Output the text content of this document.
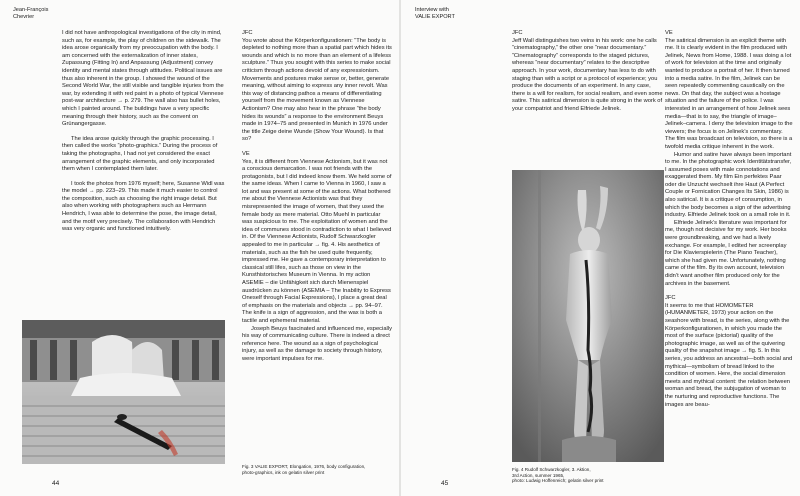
Jean-François
Chevrier

I did not have anthropological investigations of the city in mind, such as, for example, the play of children on the sidewalk. The idea arose organically from my preoccupation with the body. I am concerned with the externalization of inner states, Zupassung (Fitting In) and Anpassung (Adjustment) convey identity and mental states through attitudes. Political issues are thus also inherent in the group. I showed the wound of the Second World War, the still visible and tangible injuries from the war, by extending it with red paint in a photo of typical Viennese post-war architecture → p. 279. The wall also has bullet holes, which I painted around. The buildings have a very specific meaning through their history, such as the convent on Grünangergasse.

The idea arose quickly through the graphic processing. I then called the works “photo-graphics.” During the process of taking the photographs, I had not yet considered the exact arrangement of the graphic elements, and only incorporated them when I contemplated them later.

I took the photos from 1976 myself; here, Susanne Widl was the model → pp. 223–29. This made it much easier to control the composition, such as choosing the right image detail. But also when working with photographers such as Hermann Hendrich, I was able to determine the pose, the image detail, and the motif very precisely. The collaboration with Hendrich was very organic and functioned intuitively.

JFC

You wrote about the Körperkonfigurationen: “The body is depleted to nothing more than a spatial part which hides its wounds and which is no more than an element of a lifeless sculpture.” Thus you sought with this series to make social criticism through actions devoid of any expressionism. Movements and postures make sense or, better, generate meaning, without aiming to express any inner revolt. Was this way of distancing pathos a means of differentiating yourself from the movement known as Viennese Actionism? One may also hear in the phrase “the body hides its wounds” a response to the environment Beuys made in 1974–75 and presented in Munich in 1976 under the title Zeige deine Wunde (Show Your Wound). Is that so?

VE

Yes, it is different from Viennese Actionism, but it was not a conscious demarcation. I was not friends with the protagonists, but I did indeed know them. We held some of the same ideas. When I came to Vienna in 1960, I saw a lot and was present at some of the actions. What bothered me about the Viennese Actionists was that they misrepresented the image of women, that they used the female body as mere material. Otto Muehl in particular was suspicious to me. The exploitation of women and the idea of communes stood in contradiction to what I believed in. Of the Viennese Actionists, Rudolf Schwarzkogler appealed to me in particular → fig. 4. His aesthetics of materials, such as the fish he used quite frequently, impressed me. He gave a contemporary interpretation to classical still lifes, such as those on view in the Kunsthistorisches Museum in Vienna. In my action ASEMIE – die Unfähigkeit sich durch Mienenspiel ausdrücken zu können (ASEMIA – The Inability to Express Oneself through Facial Expressions), I place a great deal of emphasis on the materials and objects → pp. 94–97. The knife is a sign of aggression, and the wax is both a tactile and ephemeral material.

Joseph Beuys fascinated and influenced me, especially his way of communicating culture. There is indeed a direct reference here. The wound as a sign of psychological injury, as well as the damage to society through history, were important impulses for me.

Fig. 3 VALIE EXPORT, Elongation, 1976, body configuration,
photo-graphics, ink on gelatin silver print
44
Interview with
VALIE EXPORT
JFC

Jeff Wall distinguishes two veins in his work: one he calls “cinematography,” the other one “near documentary.” “Cinematography” corresponds to the staged pictures, whereas “near documentary” relates to the descriptive approach. In your work, documentary has less to do with staging than with a script or a protocol of experience; you produce the documents of an experiment. In any case, there is a will for realism, for social realism, and even some satire. This satirical dimension is quite strong in the work of your compatriot and friend Elfriede Jelinek.

Fig. 4 Rudolf Schwarzkogler, 3. Aktion,
3rd Action, summer 1965,
photo: Ludwig Hoffenreich; gelatin silver print
VE

The satirical dimension is an explicit theme with me. It is clearly evident in the film produced with Jelinek, News from Home, 1988. I was doing a lot of work for television at the time and originally wanted to produce a portrait of her. It then turned into a media satire. In the film, Jelinek can be seen repeatedly commenting caustically on the news. On that day, the subject was a hostage situation and the failure of the police. I was interested in an arrangement of how Jelinek sees media—that is to say, the triangle of image–Jelinek–camera. I deny the television image to the viewers; the focus is on Jelinek’s commentary. The film was broadcast on television, so there is a twofold media critique inherent in the work.

Humor and satire have always been important to me. In the photographic work Identitätstransfer, I assumed poses with male connotations and exaggerated them. My film Ein perfektes Paar oder die Unzucht wechselt ihre Haut (A Perfect Couple or Fornication Changes Its Skin, 1986) is also satirical. It is a critique of consumption, in which the body becomes a sign of the advertising industry. Elfriede Jelinek took on a small role in it.

Elfriede Jelinek’s literature was important for me, though not decisive for my work. Her books were groundbreaking, and we had a lively exchange. For example, I edited her screenplay for Die Klavierspielerin (The Piano Teacher), which she had given me. Unfortunately, nothing came of the film. By its own account, television didn’t want another film produced only for the archives in the basement.

JFC

It seems to me that HOMOMETER (HUMANMETER, 1973) your action on the seashore with bread, is the series, along with the Körperkonfigurationen, in which you made the most of the surface (pictorial) quality of the photographic image, as well as of the quivering quality of the snapshot image → fig. 5. In this series, you address an ancestral—both social and mythical—symbolism of bread linked to the condition of women. Here, the social dimension meets and mythical content: the relation between woman and bread, the subjugation of woman to the nurturing and reproductive functions. The images are beau-

45
